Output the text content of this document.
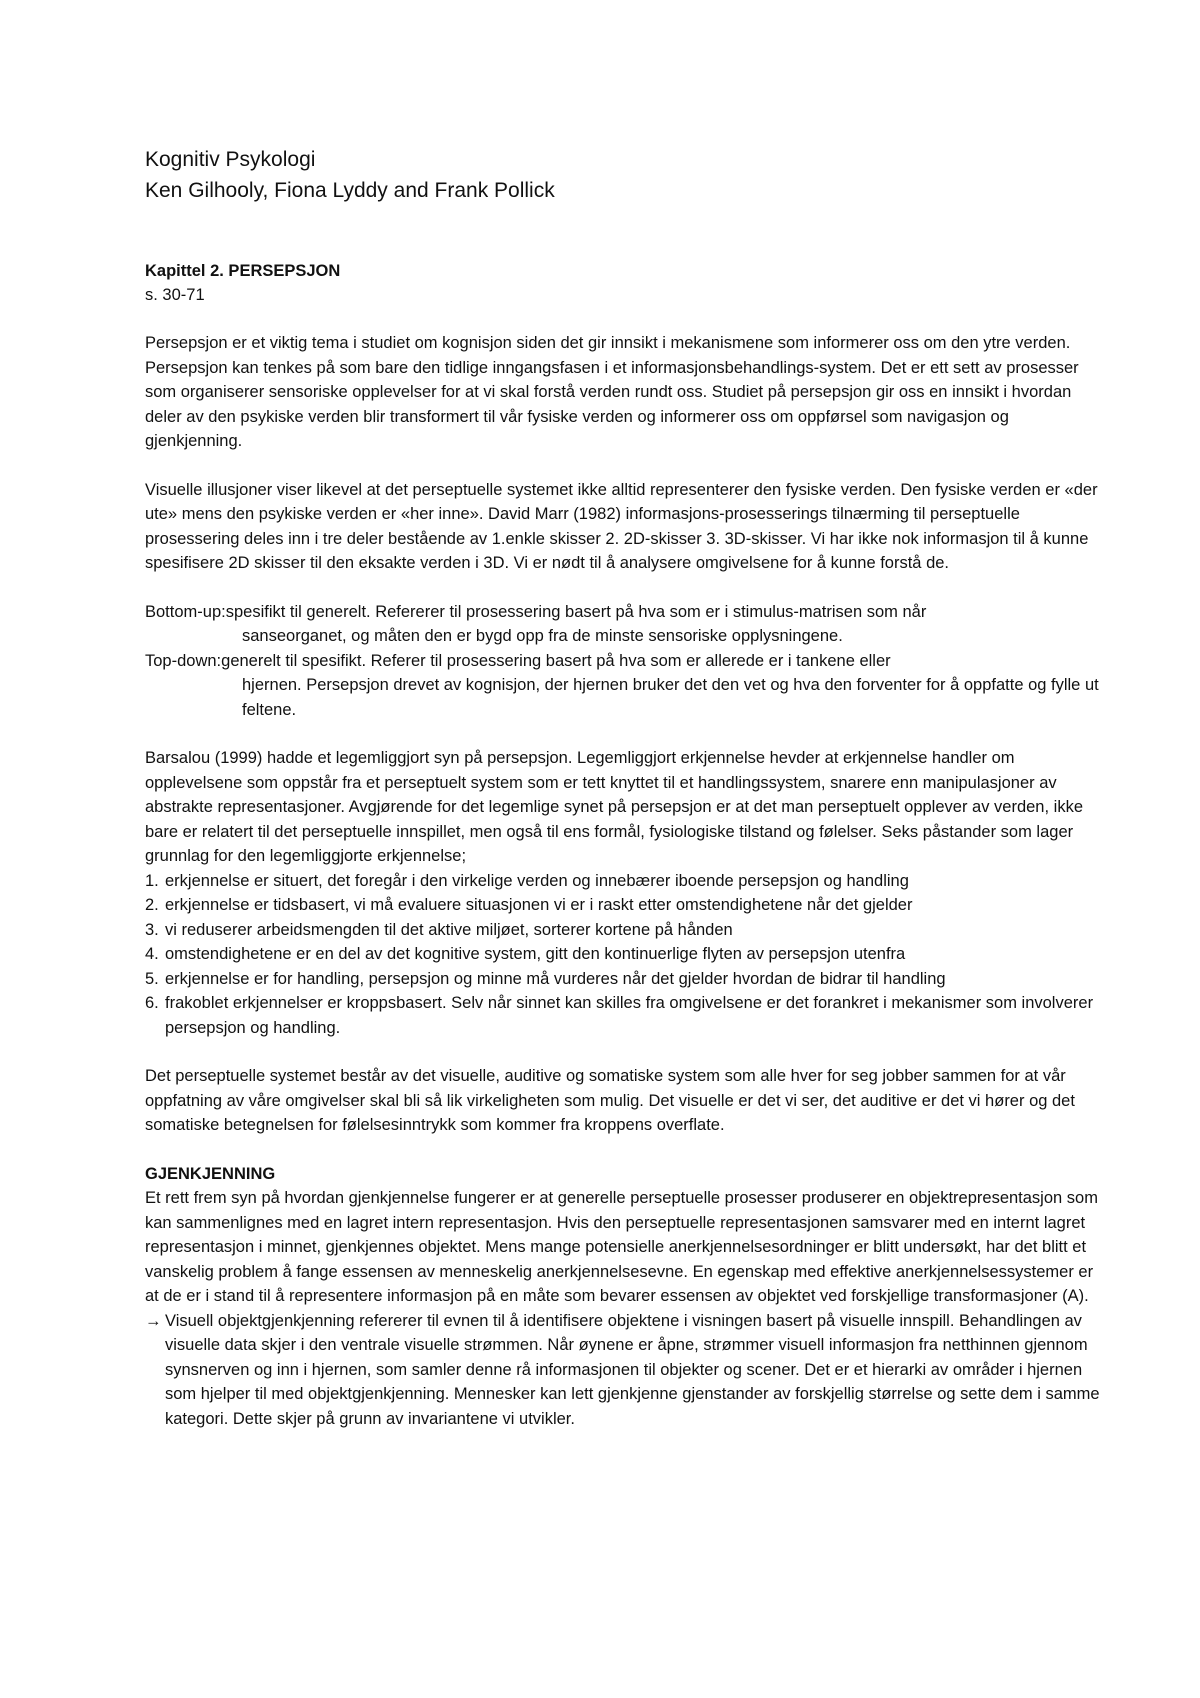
Kognitiv Psykologi
Ken Gilhooly, Fiona Lyddy and Frank Pollick
Kapittel 2. PERSEPSJON
s. 30-71

Persepsjon er et viktig tema i studiet om kognisjon siden det gir innsikt i mekanismene som informerer oss om den ytre verden. Persepsjon kan tenkes på som bare den tidlige inngangsfasen i et informasjonsbehandlings-system. Det er ett sett av prosesser som organiserer sensoriske opplevelser for at vi skal forstå verden rundt oss. Studiet på persepsjon gir oss en innsikt i hvordan deler av den psykiske verden blir transformert til vår fysiske verden og informerer oss om oppførsel som navigasjon og gjenkjenning.

Visuelle illusjoner viser likevel at det perseptuelle systemet ikke alltid representerer den fysiske verden. Den fysiske verden er «der ute» mens den psykiske verden er «her inne». David Marr (1982) informasjons-prosesserings tilnærming til perseptuelle prosessering deles inn i tre deler bestående av 1.enkle skisser 2. 2D-skisser 3. 3D-skisser. Vi har ikke nok informasjon til å kunne spesifisere 2D skisser til den eksakte verden i 3D. Vi er nødt til å analysere omgivelsene for å kunne forstå de.

Bottom-up: spesifikt til generelt. Refererer til prosessering basert på hva som er i stimulus-matrisen som når
sanseorganet, og måten den er bygd opp fra de minste sensoriske opplysningene.
Top-down: generelt til spesifikt. Referer til prosessering basert på hva som er allerede er i tankene eller
hjernen. Persepsjon drevet av kognisjon, der hjernen bruker det den vet og hva den forventer for å oppfatte og fylle ut feltene.

Barsalou (1999) hadde et legemliggjort syn på persepsjon. Legemliggjort erkjennelse hevder at erkjennelse handler om opplevelsene som oppstår fra et perseptuelt system som er tett knyttet til et handlingssystem, snarere enn manipulasjoner av abstrakte representasjoner. Avgjørende for det legemlige synet på persepsjon er at det man perseptuelt opplever av verden, ikke bare er relatert til det perseptuelle innspillet, men også til ens formål, fysiologiske tilstand og følelser. Seks påstander som lager grunnlag for den legemliggjorte erkjennelse;

1. erkjennelse er situert, det foregår i den virkelige verden og innebærer iboende persepsjon og handling
2. erkjennelse er tidsbasert, vi må evaluere situasjonen vi er i raskt etter omstendighetene når det gjelder
3. vi reduserer arbeidsmengden til det aktive miljøet, sorterer kortene på hånden
4. omstendighetene er en del av det kognitive system, gitt den kontinuerlige flyten av persepsjon utenfra
5. erkjennelse er for handling, persepsjon og minne må vurderes når det gjelder hvordan de bidrar til handling
6. frakoblet erkjennelser er kroppsbasert. Selv når sinnet kan skilles fra omgivelsene er det forankret i mekanismer som involverer persepsjon og handling.

Det perseptuelle systemet består av det visuelle, auditive og somatiske system som alle hver for seg jobber sammen for at vår oppfatning av våre omgivelser skal bli så lik virkeligheten som mulig. Det visuelle er det vi ser, det auditive er det vi hører og det somatiske betegnelsen for følelsesinntrykk som kommer fra kroppens overflate.

GJENKJENNING

Et rett frem syn på hvordan gjenkjennelse fungerer er at generelle perseptuelle prosesser produserer en objektrepresentasjon som kan sammenlignes med en lagret intern representasjon. Hvis den perseptuelle representasjonen samsvarer med en internt lagret representasjon i minnet, gjenkjennes objektet. Mens mange potensielle anerkjennelsesordninger er blitt undersøkt, har det blitt et vanskelig problem å fange essensen av menneskelig anerkjennelsesevne. En egenskap med effektive anerkjennelsessystemer er at de er i stand til å representere informasjon på en måte som bevarer essensen av objektet ved forskjellige transformasjoner (A).

→ Visuell objektgjenkjenning refererer til evnen til å identifisere objektene i visningen basert på visuelle innspill. Behandlingen av visuelle data skjer i den ventrale visuelle strømmen. Når øynene er åpne, strømmer visuell informasjon fra netthinnen gjennom synsnerven og inn i hjernen, som samler denne rå informasjonen til objekter og scener. Det er et hierarki av områder i hjernen som hjelper til med objektgjenkjenning. Mennesker kan lett gjenkjenne gjenstander av forskjellig størrelse og sette dem i samme kategori. Dette skjer på grunn av invariantene vi utvikler.
